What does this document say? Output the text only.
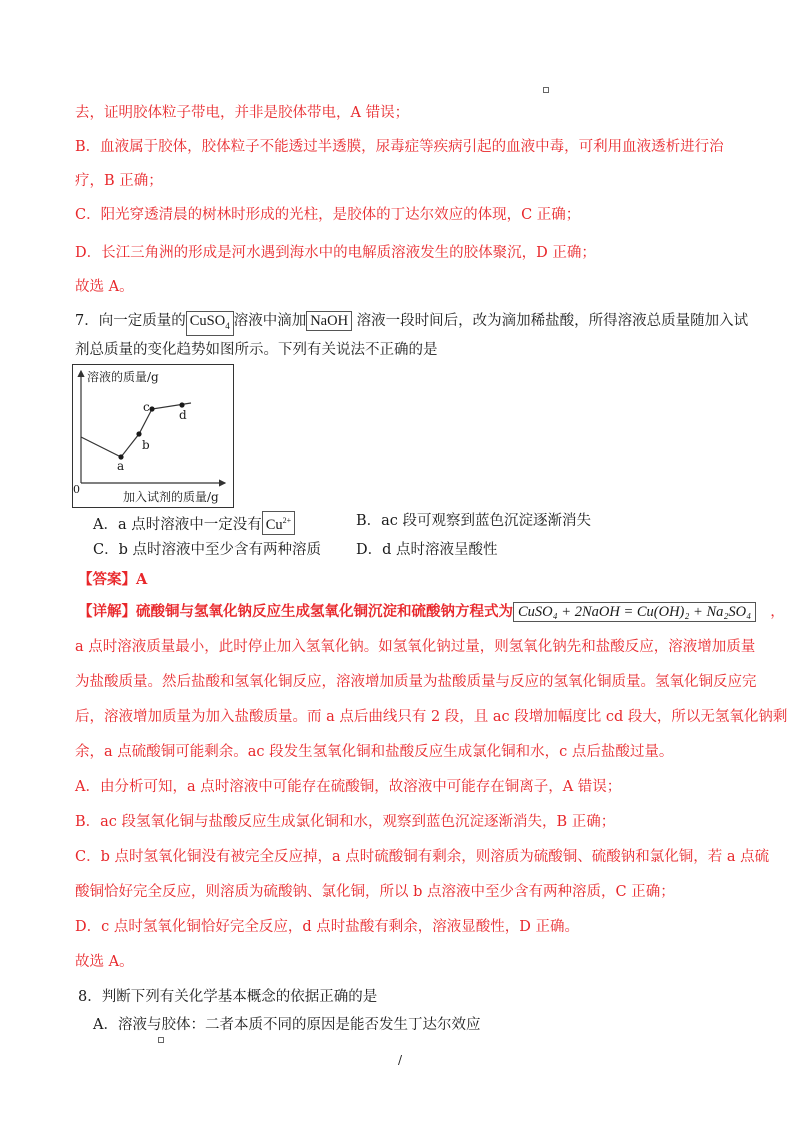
去，证明胶体粒子带电，并非是胶体带电，A 错误；
B．血液属于胶体，胶体粒子不能透过半透膜，尿毒症等疾病引起的血液中毒，可利用血液透析进行治
疗，B 正确；
C．阳光穿透清晨的树林时形成的光柱，是胶体的丁达尔效应的体现，C 正确；
D．长江三角洲的形成是河水遇到海水中的电解质溶液发生的胶体聚沉，D 正确；
故选 A。
7．向一定质量的 CuSO$_4$ 溶液中滴加 NaOH 溶液一段时间后，改为滴加稀盐酸，所得溶液总质量随加入试
剂总质量的变化趋势如图所示。下列有关说法不正确的是
溶液的质量/g
加入试剂的质量/g
0
a
b
c
d
A．a 点时溶液中一定没有 $Cu^{2+}$	B．ac 段可观察到蓝色沉淀逐渐消失
C．b 点时溶液中至少含有两种溶质 D．d 点时溶液呈酸性
【答案】A
【详解】硫酸铜与氢氧化钠反应生成氢氧化铜沉淀和硫酸钠方程式为 CuSO₄ + 2NaOH = Cu(OH)₂ + Na₂SO₄ ，
a 点时溶液质量最小，此时停止加入氢氧化钠。如氢氧化钠过量，则氢氧化钠先和盐酸反应，溶液增加质量
为盐酸质量。然后盐酸和氢氧化铜反应，溶液增加质量为盐酸质量与反应的氢氧化铜质量。氢氧化铜反应完
后，溶液增加质量为加入盐酸质量。而 a 点后曲线只有 2 段，且 ac 段增加幅度比 cd 段大，所以无氢氧化钠剩
余，a 点硫酸铜可能剩余。ac 段发生氢氧化铜和盐酸反应生成氯化铜和水，c 点后盐酸过量。
A．由分析可知，a 点时溶液中可能存在硫酸铜，故溶液中可能存在铜离子，A 错误；
B．ac 段氢氧化铜与盐酸反应生成氯化铜和水，观察到蓝色沉淀逐渐消失，B 正确；
C．b 点时氢氧化铜没有被完全反应掉，a 点时硫酸铜有剩余，则溶质为硫酸铜、硫酸钠和氯化铜，若 a 点硫
酸铜恰好完全反应，则溶质为硫酸钠、氯化铜，所以 b 点溶液中至少含有两种溶质，C 正确；
D．c 点时氢氧化铜恰好完全反应，d 点时盐酸有剩余，溶液显酸性，D 正确。
故选 A。
8．判断下列有关化学基本概念的依据正确的是
A．溶液与胶体：二者本质不同的原因是能否发生丁达尔效应
/
